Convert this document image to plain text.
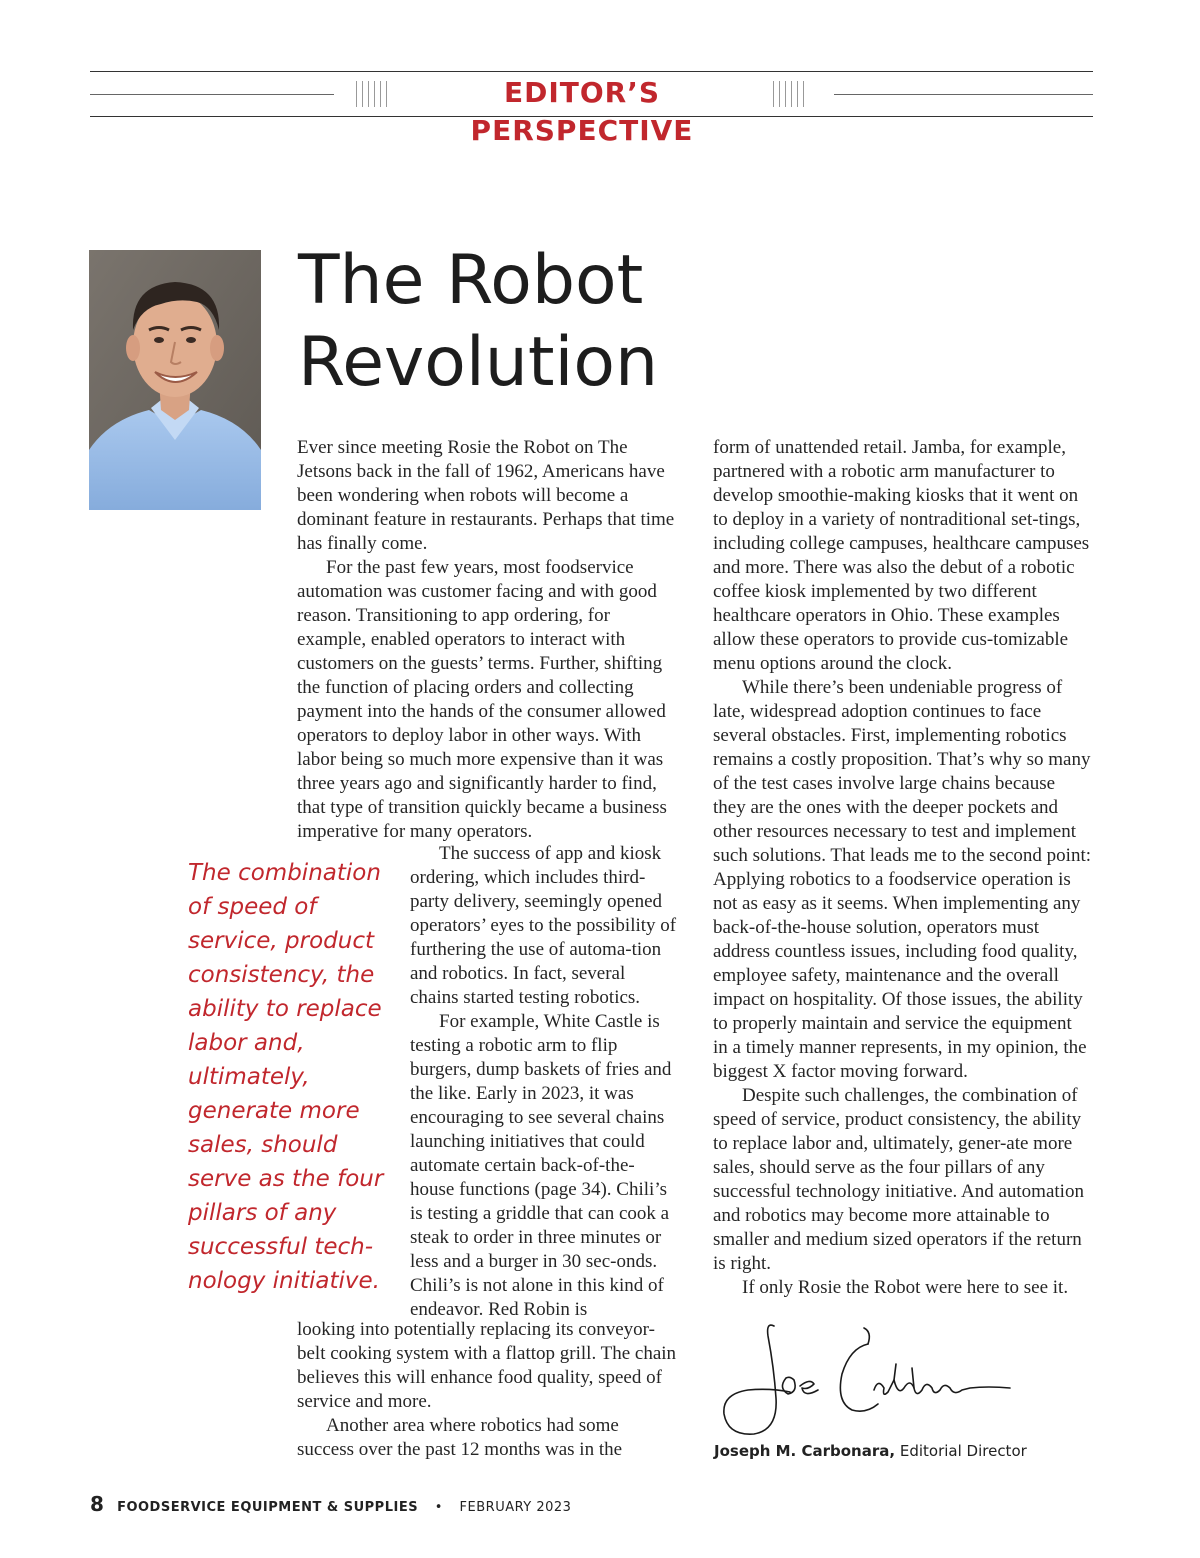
EDITOR’S PERSPECTIVE
The Robot
Revolution

Ever since meeting Rosie the Robot on The Jetsons back in the fall of 1962, Americans have been wondering when robots will become a dominant feature in restaurants. Perhaps that time has finally come.

For the past few years, most foodservice automation was customer facing and with good reason. Transitioning to app ordering, for example, enabled operators to interact with customers on the guests’ terms. Further, shifting the function of placing orders and collecting payment into the hands of the consumer allowed operators to deploy labor in other ways. With labor being so much more expensive than it was three years ago and significantly harder to find, that type of transition quickly became a business imperative for many operators.

The combination of speed of service, product consistency, the ability to replace labor and, ultimately, generate more sales, should serve as the four pillars of any successful tech-nology initiative.

The success of app and kiosk ordering, which includes third-party delivery, seemingly opened operators’ eyes to the possibility of furthering the use of automa-tion and robotics. In fact, several chains started testing robotics.

For example, White Castle is testing a robotic arm to flip burgers, dump baskets of fries and the like. Early in 2023, it was encouraging to see several chains launching initiatives that could automate certain back-of-the-house functions (page 34). Chili’s is testing a griddle that can cook a steak to order in three minutes or less and a burger in 30 sec-onds. Chili’s is not alone in this kind of endeavor. Red Robin is

looking into potentially replacing its conveyor-belt cooking system with a flattop grill. The chain believes this will enhance food quality, speed of service and more.

Another area where robotics had some success over the past 12 months was in the

form of unattended retail. Jamba, for example, partnered with a robotic arm manufacturer to develop smoothie-making kiosks that it went on to deploy in a variety of nontraditional set-tings, including college campuses, healthcare campuses and more. There was also the debut of a robotic coffee kiosk implemented by two different healthcare operators in Ohio. These examples allow these operators to provide cus-tomizable menu options around the clock.

While there’s been undeniable progress of late, widespread adoption continues to face several obstacles. First, implementing robotics remains a costly proposition. That’s why so many of the test cases involve large chains because they are the ones with the deeper pockets and other resources necessary to test and implement such solutions. That leads me to the second point: Applying robotics to a foodservice operation is not as easy as it seems. When implementing any back-of-the-house solution, operators must address countless issues, including food quality, employee safety, maintenance and the overall impact on hospitality. Of those issues, the ability to properly maintain and service the equipment in a timely manner represents, in my opinion, the biggest X factor moving forward.

Despite such challenges, the combination of speed of service, product consistency, the ability to replace labor and, ultimately, gener-ate more sales, should serve as the four pillars of any successful technology initiative. And automation and robotics may become more attainable to smaller and medium sized operators if the return is right.

If only Rosie the Robot were here to see it.

Joseph M. Carbonara, Editorial Director
8 FOODSERVICE EQUIPMENT & SUPPLIES • FEBRUARY 2023
